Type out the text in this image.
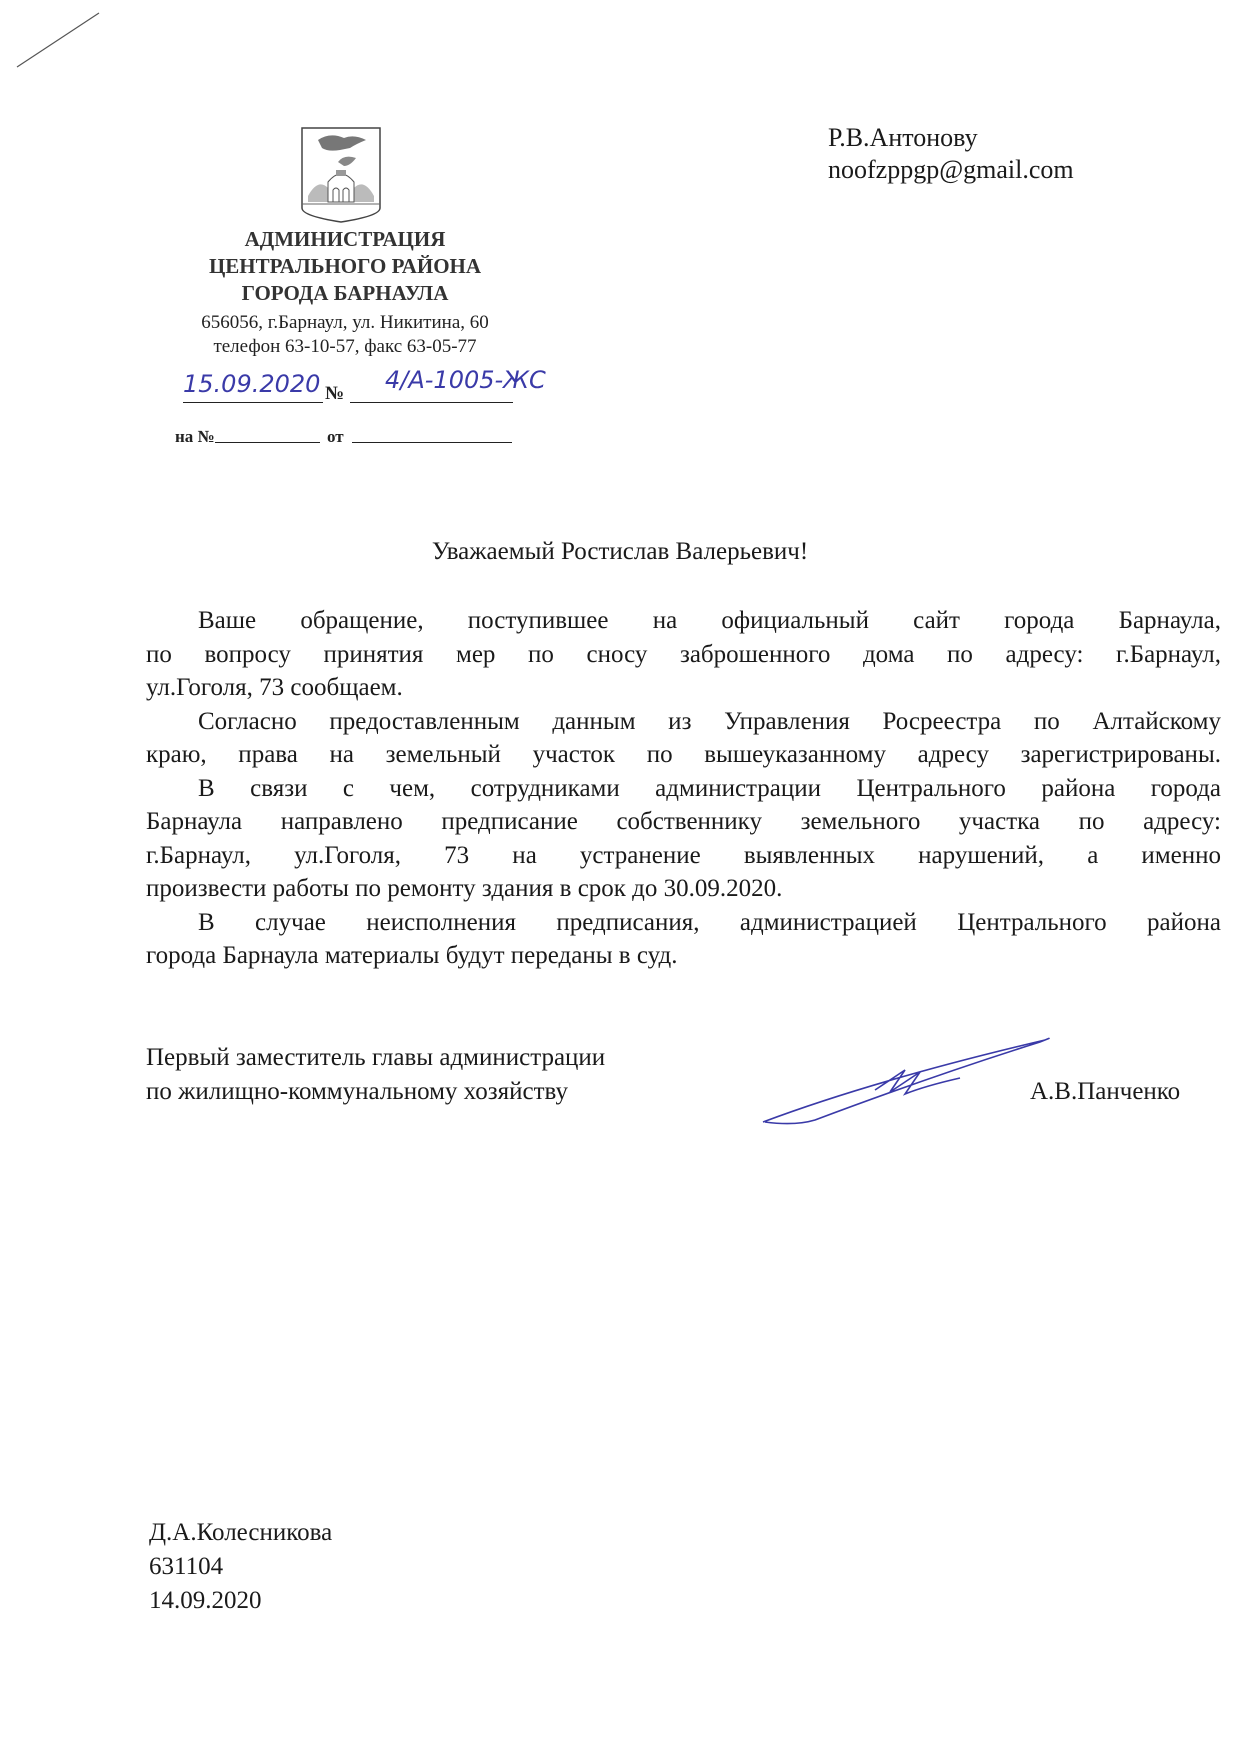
АДМИНИСТРАЦИЯ
ЦЕНТРАЛЬНОГО РАЙОНА
ГОРОДА БАРНАУЛА
656056, г.Барнаул, ул. Никитина, 60
телефон 63-10-57, факс 63-05-77
15.09.2020 № 4/А-1005-ЖС
на №	от
Р.В.Антонову
noofzppgp@gmail.com
Уважаемый Ростислав Валерьевич!
Ваше обращение, поступившее на официальный сайт города Барнаула,
по вопросу принятия мер по сносу заброшенного дома по адресу: г.Барнаул,
ул.Гоголя, 73 сообщаем.
Согласно предоставленным данным из Управления Росреестра по Алтайскому
краю, права на земельный участок по вышеуказанному адресу зарегистрированы.
В связи с чем, сотрудниками администрации Центрального района города
Барнаула направлено предписание собственнику земельного участка по адресу:
г.Барнаул, ул.Гоголя, 73 на устранение выявленных нарушений, а именно
произвести работы по ремонту здания в срок до 30.09.2020.
В случае неисполнения предписания, администрацией Центрального района
города Барнаула материалы будут переданы в суд.
Первый заместитель главы администрации
по жилищно-коммунальному хозяйству	А.В.Панченко
Д.А.Колесникова
631104
14.09.2020
